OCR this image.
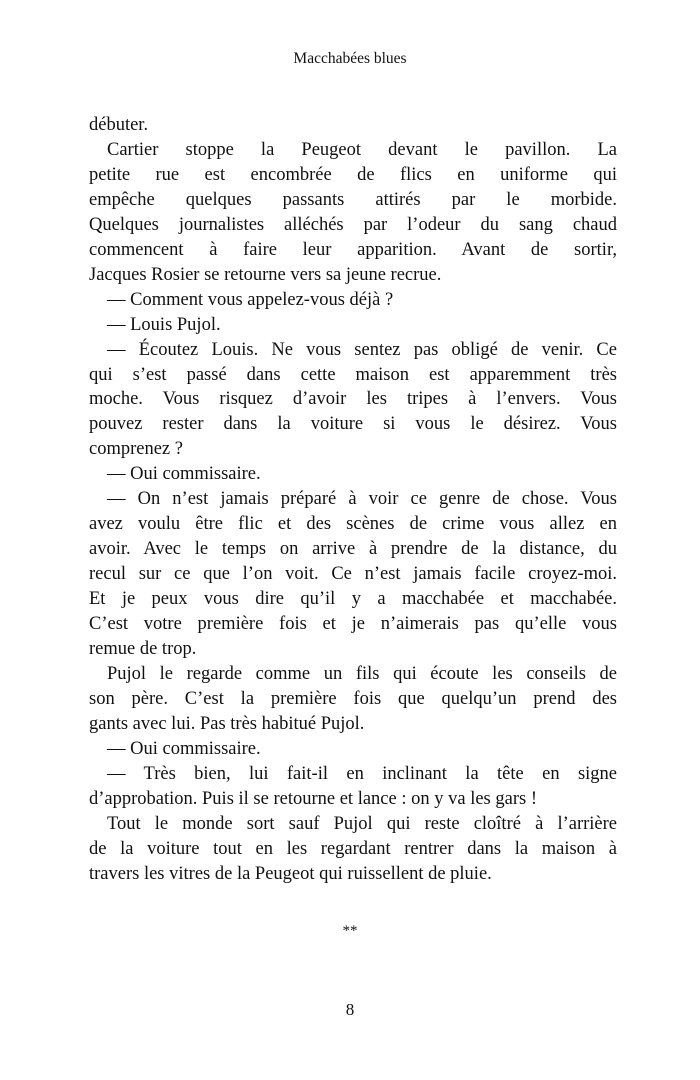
Macchabées blues
débuter.
Cartier stoppe la Peugeot devant le pavillon. La
petite rue est encombrée de flics en uniforme qui
empêche quelques passants attirés par le morbide.
Quelques journalistes alléchés par l’odeur du sang chaud
commencent à faire leur apparition. Avant de sortir,
Jacques Rosier se retourne vers sa jeune recrue.
— Comment vous appelez-vous déjà ?
— Louis Pujol.
— Écoutez Louis. Ne vous sentez pas obligé de venir. Ce
qui s’est passé dans cette maison est apparemment très
moche. Vous risquez d’avoir les tripes à l’envers. Vous
pouvez rester dans la voiture si vous le désirez. Vous
comprenez ?
— Oui commissaire.
— On n’est jamais préparé à voir ce genre de chose. Vous
avez voulu être flic et des scènes de crime vous allez en
avoir. Avec le temps on arrive à prendre de la distance, du
recul sur ce que l’on voit. Ce n’est jamais facile croyez-moi.
Et je peux vous dire qu’il y a macchabée et macchabée.
C’est votre première fois et je n’aimerais pas qu’elle vous
remue de trop.
Pujol le regarde comme un fils qui écoute les conseils de
son père. C’est la première fois que quelqu’un prend des
gants avec lui. Pas très habitué Pujol.
— Oui commissaire.
— Très bien, lui fait-il en inclinant la tête en signe
d’approbation. Puis il se retourne et lance : on y va les gars !
Tout le monde sort sauf Pujol qui reste cloîtré à l’arrière
de la voiture tout en les regardant rentrer dans la maison à
travers les vitres de la Peugeot qui ruissellent de pluie.
**
8
